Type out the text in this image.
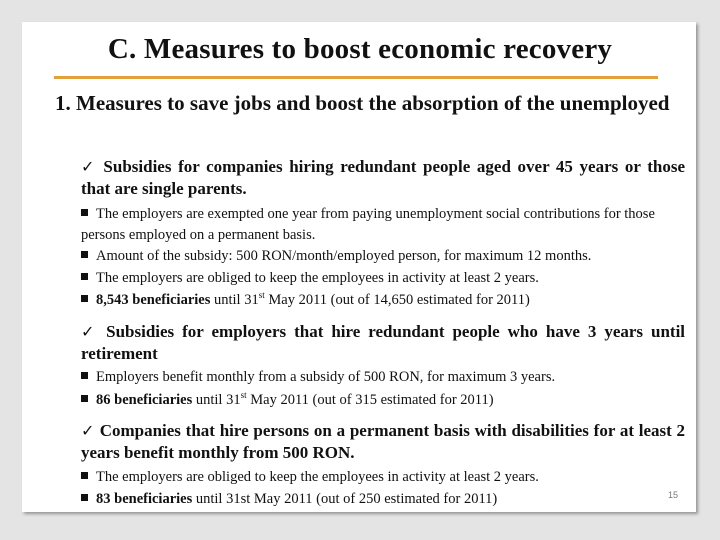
C. Measures to boost economic recovery
1. Measures to save jobs and boost the absorption of the unemployed
✓ Subsidies for companies hiring redundant people aged over 45 years or those that are single parents.
The employers are exempted one year from paying unemployment social contributions for those persons employed on a permanent basis.
Amount of the subsidy: 500 RON/month/employed person, for maximum 12 months.
The employers are obliged to keep the employees in activity at least 2 years.
8,543 beneficiaries until 31st May 2011 (out of 14,650 estimated for 2011)
✓ Subsidies for employers that hire redundant people who have 3 years until retirement
Employers benefit monthly from a subsidy of 500 RON, for maximum 3 years.
86 beneficiaries until 31st May 2011 (out of 315 estimated for 2011)
✓ Companies that hire persons on a permanent basis with disabilities for at least 2 years benefit monthly from 500 RON.
The employers are obliged to keep the employees in activity at least 2 years.
83 beneficiaries until 31st May 2011 (out of 250 estimated for 2011)	15
